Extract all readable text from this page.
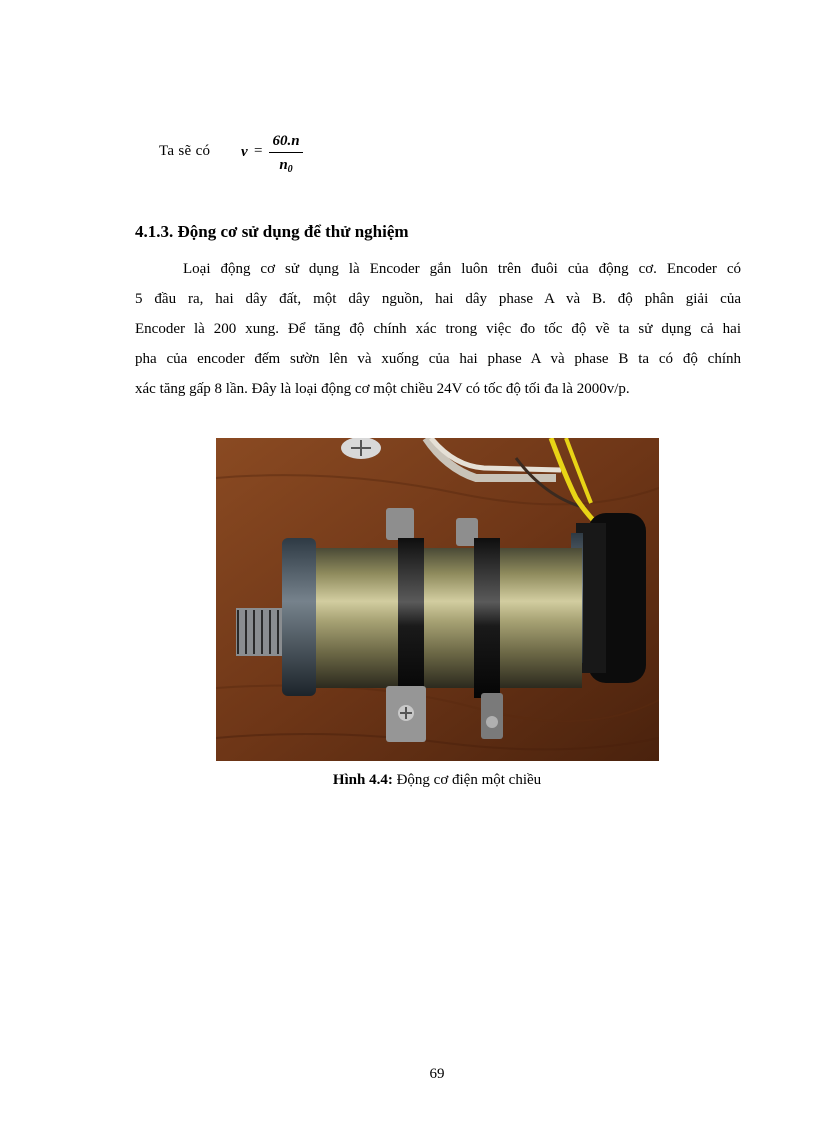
Ta sẽ có v =
60.n
$n_0$
4.1.3. Động cơ sử dụng để thử nghiệm
Loại động cơ sử dụng là Encoder gắn luôn trên đuôi của động cơ. Encoder có
5 đầu ra, hai dây đất, một dây nguồn, hai dây phase A và B. độ phân giải của
Encoder là 200 xung. Để tăng độ chính xác trong việc đo tốc độ về ta sử dụng cả hai
pha của encoder đếm sườn lên và xuống của hai phase A và phase B ta có độ chính
xác tăng gấp 8 lần. Đây là loại động cơ một chiều 24V có tốc độ tối đa là 2000v/p.
Hình 4.4: Động cơ điện một chiều
69
